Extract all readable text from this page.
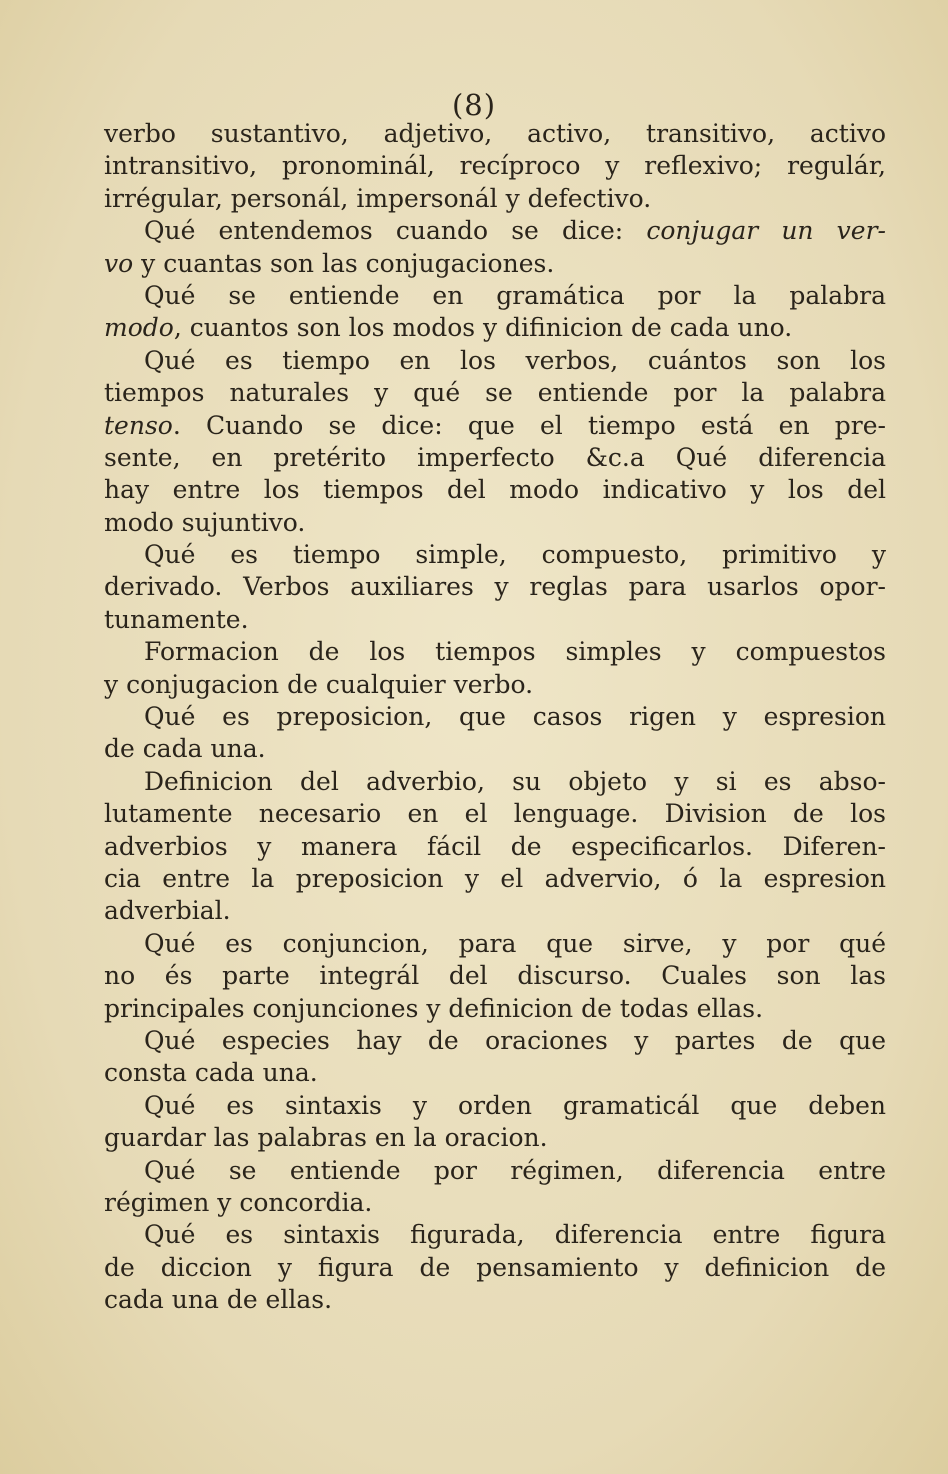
(8)
verbo sustantivo, adjetivo, activo, transitivo, activo
intransitivo, pronominál, recíproco y reflexivo; regulár,
irrégular, personál, impersonál y defectivo.
Qué entendemos cuando se dice: conjugar un ver-
vo y cuantas son las conjugaciones.
Qué se entiende en gramática por la palabra
modo, cuantos son los modos y difinicion de cada uno.
Qué es tiempo en los verbos, cuántos son los
tiempos naturales y qué se entiende por la palabra
tenso. Cuando se dice: que el tiempo está en pre-
sente, en pretérito imperfecto &c.a Qué diferencia
hay entre los tiempos del modo indicativo y los del
modo sujuntivo.
Qué es tiempo simple, compuesto, primitivo y
derivado. Verbos auxiliares y reglas para usarlos opor-
tunamente.
Formacion de los tiempos simples y compuestos
y conjugacion de cualquier verbo.
Qué es preposicion, que casos rigen y espresion
de cada una.
Definicion del adverbio, su objeto y si es abso-
lutamente necesario en el lenguage. Division de los
adverbios y manera fácil de especificarlos. Diferen-
cia entre la preposicion y el advervio, ó la espresion
adverbial.
Qué es conjuncion, para que sirve, y por qué
no és parte integrál del discurso. Cuales son las
principales conjunciones y definicion de todas ellas.
Qué especies hay de oraciones y partes de que
consta cada una.
Qué es sintaxis y orden gramaticál que deben
guardar las palabras en la oracion.
Qué se entiende por régimen, diferencia entre
régimen y concordia.
Qué es sintaxis figurada, diferencia entre figura
de diccion y figura de pensamiento y definicion de
cada una de ellas.
